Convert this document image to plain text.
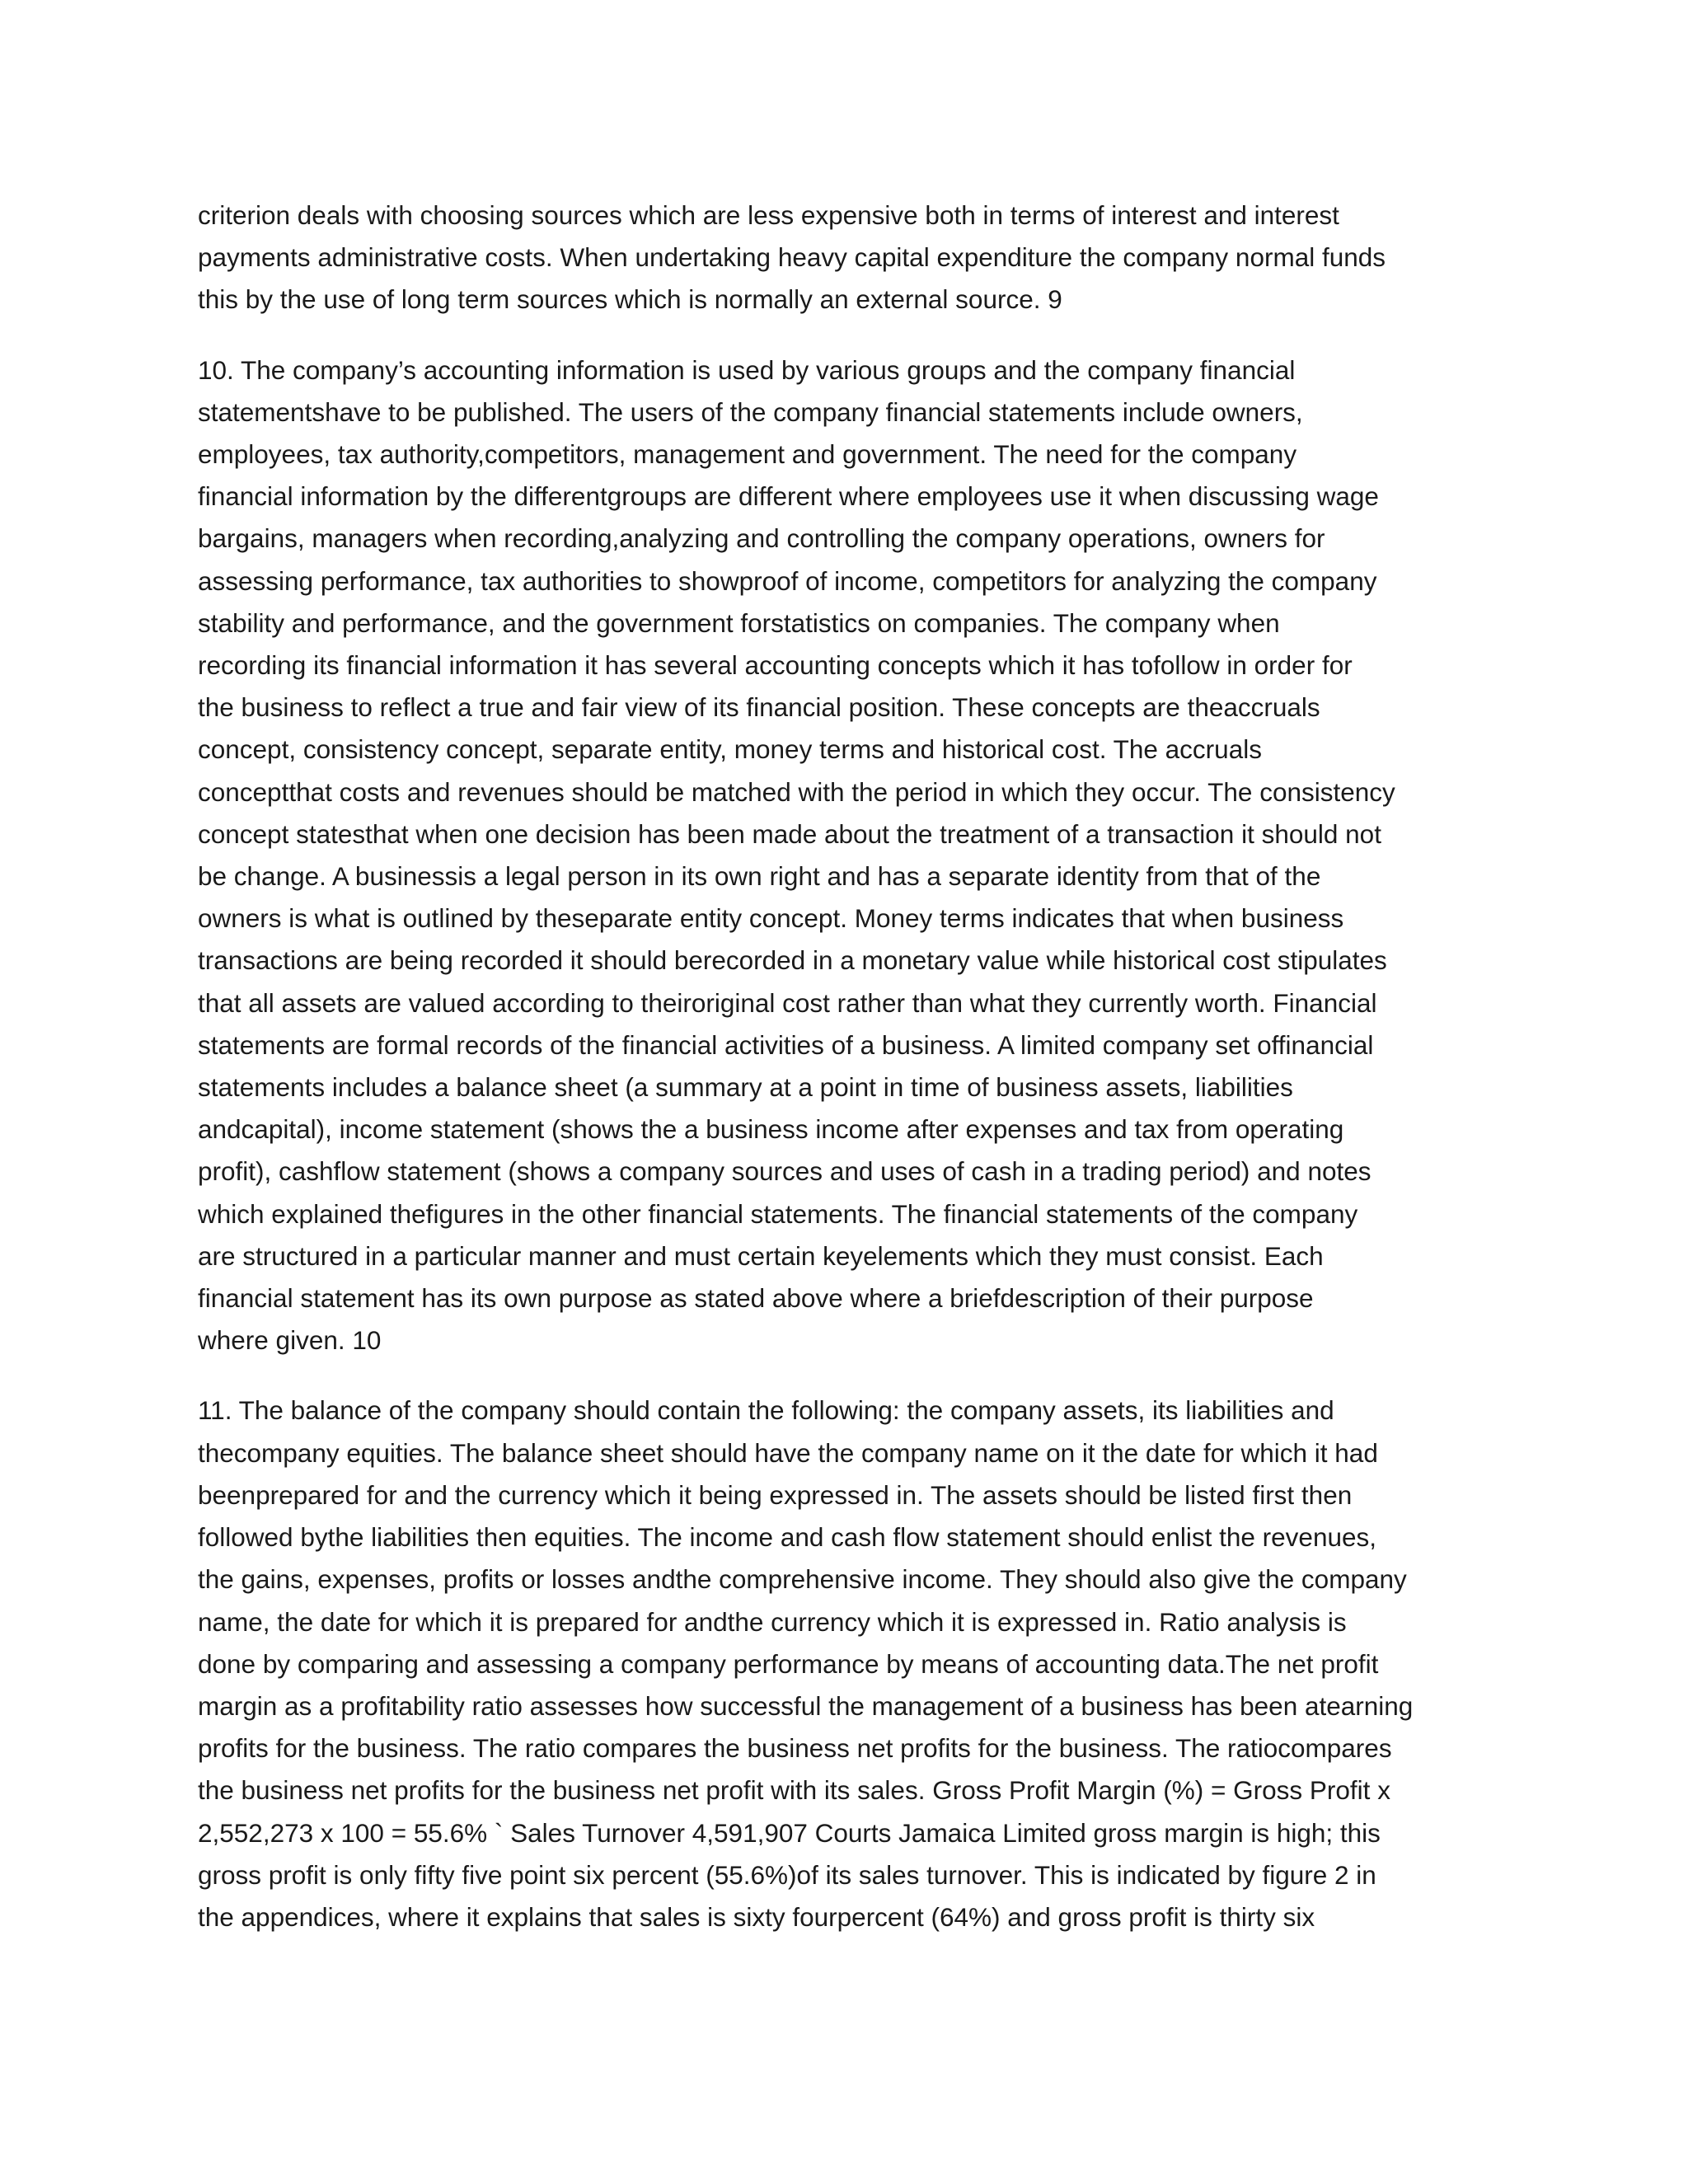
criterion deals with choosing sources which are less expensive both in terms of interest and interest
payments administrative costs. When undertaking heavy capital expenditure the company normal funds
this by the use of long term sources which is normally an external source. 9

10. The company’s accounting information is used by various groups and the company financial
statementshave to be published. The users of the company financial statements include owners,
employees, tax authority,competitors, management and government. The need for the company
financial information by the differentgroups are different where employees use it when discussing wage
bargains, managers when recording,analyzing and controlling the company operations, owners for
assessing performance, tax authorities to showproof of income, competitors for analyzing the company
stability and performance, and the government forstatistics on companies. The company when
recording its financial information it has several accounting concepts which it has tofollow in order for
the business to reflect a true and fair view of its financial position. These concepts are theaccruals
concept, consistency concept, separate entity, money terms and historical cost. The accruals
conceptthat costs and revenues should be matched with the period in which they occur. The consistency
concept statesthat when one decision has been made about the treatment of a transaction it should not
be change. A businessis a legal person in its own right and has a separate identity from that of the
owners is what is outlined by theseparate entity concept. Money terms indicates that when business
transactions are being recorded it should berecorded in a monetary value while historical cost stipulates
that all assets are valued according to theiroriginal cost rather than what they currently worth. Financial
statements are formal records of the financial activities of a business. A limited company set offinancial
statements includes a balance sheet (a summary at a point in time of business assets, liabilities
andcapital), income statement (shows the a business income after expenses and tax from operating
profit), cashflow statement (shows a company sources and uses of cash in a trading period) and notes
which explained thefigures in the other financial statements. The financial statements of the company
are structured in a particular manner and must certain keyelements which they must consist. Each
financial statement has its own purpose as stated above where a briefdescription of their purpose
where given. 10

11. The balance of the company should contain the following: the company assets, its liabilities and
thecompany equities. The balance sheet should have the company name on it the date for which it had
beenprepared for and the currency which it being expressed in. The assets should be listed first then
followed bythe liabilities then equities. The income and cash flow statement should enlist the revenues,
the gains, expenses, profits or losses andthe comprehensive income. They should also give the company
name, the date for which it is prepared for andthe currency which it is expressed in. Ratio analysis is
done by comparing and assessing a company performance by means of accounting data.The net profit
margin as a profitability ratio assesses how successful the management of a business has been atearning
profits for the business. The ratio compares the business net profits for the business. The ratiocompares
the business net profits for the business net profit with its sales. Gross Profit Margin (%) = Gross Profit x
2,552,273 x 100 = 55.6% ` Sales Turnover 4,591,907 Courts Jamaica Limited gross margin is high; this
gross profit is only fifty five point six percent (55.6%)of its sales turnover. This is indicated by figure 2 in
the appendices, where it explains that sales is sixty fourpercent (64%) and gross profit is thirty six
